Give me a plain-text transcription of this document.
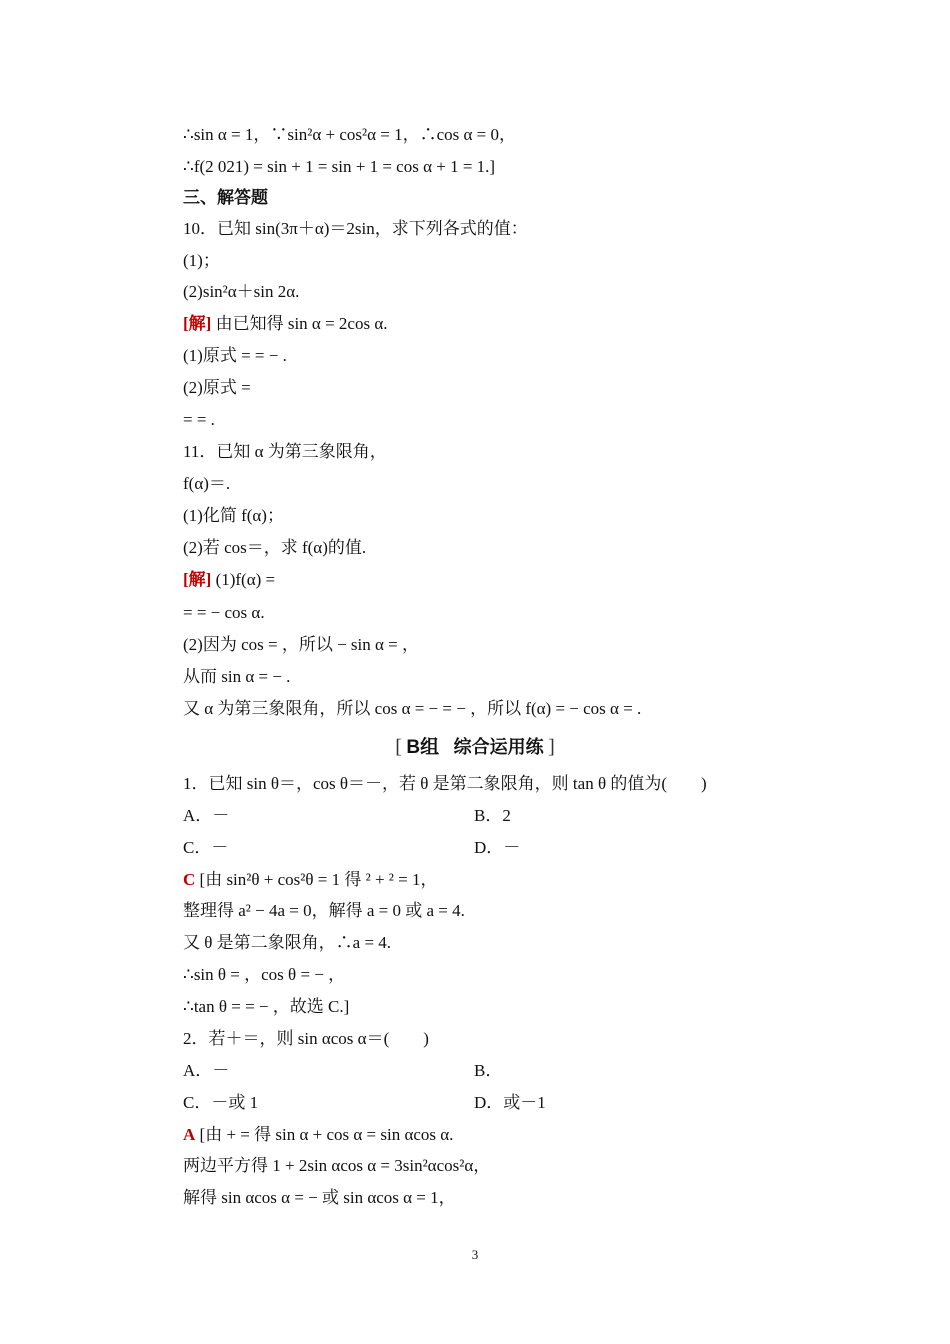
∴sin α = 1，∵sin²α + cos²α = 1，∴cos α = 0，
∴f(2 021) = sin + 1 = sin + 1 = cos α + 1 = 1.]
三、解答题
10．已知 sin(3π＋α)＝2sin，求下列各式的值：
(1)；
(2)sin²α＋sin 2α.
[解] 由已知得 sin α = 2cos α.
(1)原式 = = − .
(2)原式 =
= = .
11．已知 α 为第三象限角，
f(α)＝.
(1)化简 f(α)；
(2)若 cos＝，求 f(α)的值.
[解] (1)f(α) =
= = − cos α.
(2)因为 cos = ，所以 − sin α = ，
从而 sin α = − .
又 α 为第三象限角，所以 cos α = − = − ，所以 f(α) = − cos α = .
[ B组 综合运用练 ]
1．已知 sin θ＝，cos θ＝－，若 θ 是第二象限角，则 tan θ 的值为(　　)
A．－	B．2
C．－	D．－
C [由 sin²θ + cos²θ = 1 得 ² + ² = 1，
整理得 a² − 4a = 0，解得 a = 0 或 a = 4.
又 θ 是第二象限角，∴a = 4.
∴sin θ = ，cos θ = − ，
∴tan θ = = − ，故选 C.]
2．若＋＝，则 sin αcos α＝(　　)
A．－	B．
C．－或 1	D．或－1
A [由 + = 得 sin α + cos α = sin αcos α.
两边平方得 1 + 2sin αcos α = 3sin²αcos²α，
解得 sin αcos α = − 或 sin αcos α = 1，
3
